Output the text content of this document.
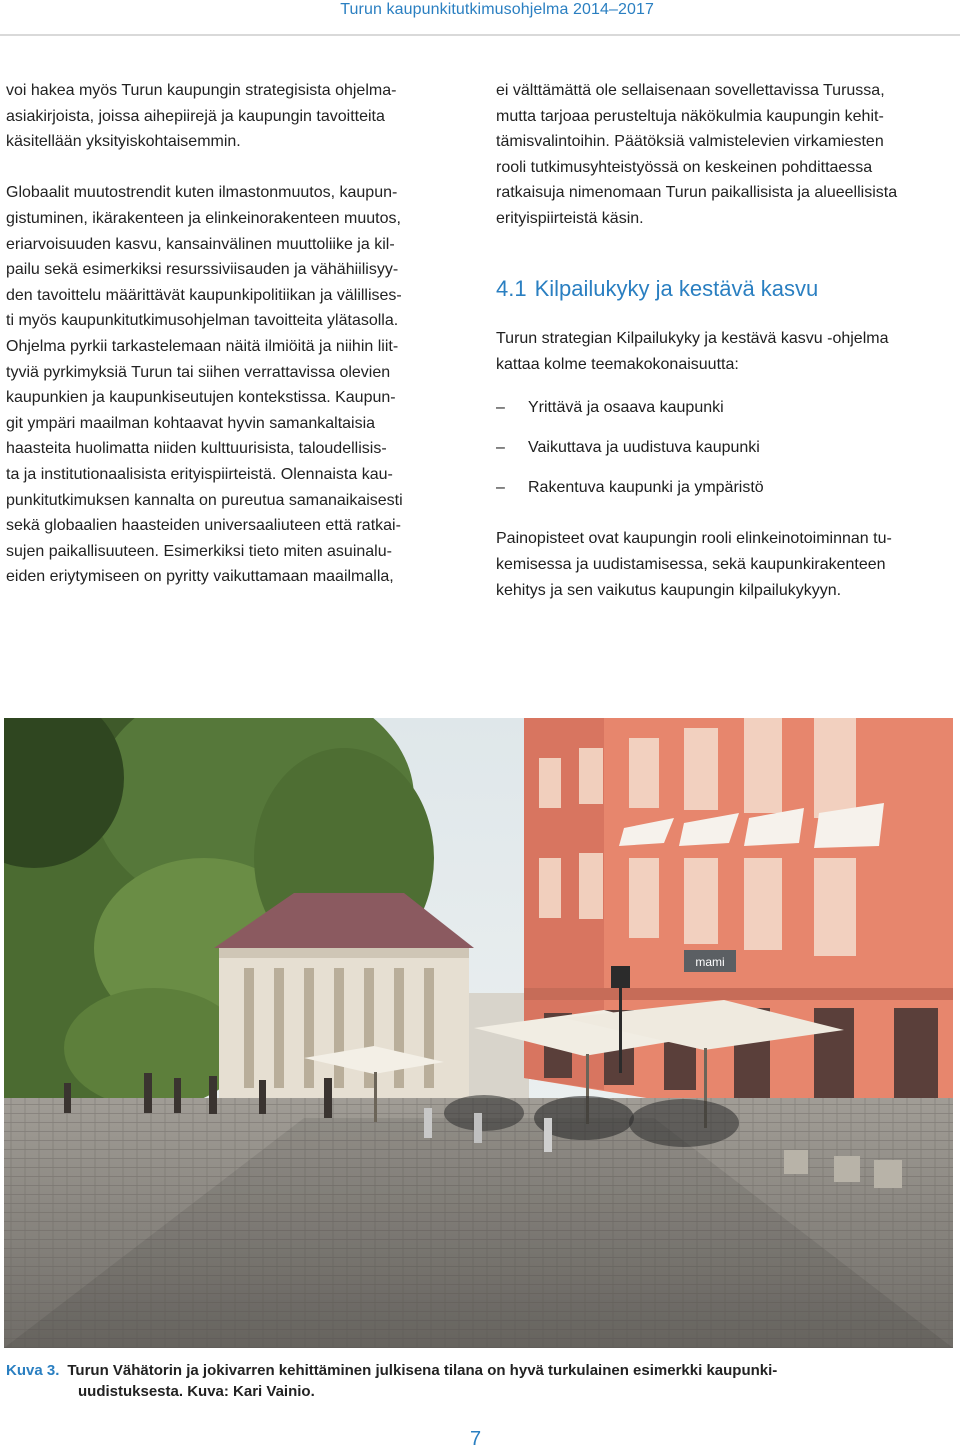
Turun kaupunkitutkimusohjelma 2014–2017
voi hakea myös Turun kaupungin strategisista ohjelma-
asiakirjoista, joissa aihepiirejä ja kaupungin tavoitteita
käsitellään yksityiskohtaisemmin.
Globaalit muutostrendit kuten ilmastonmuutos, kaupun-
gistuminen, ikärakenteen ja elinkeinorakenteen muutos,
eriarvoisuuden kasvu, kansainvälinen muuttoliike ja kil-
pailu sekä esimerkiksi resurssiviisauden ja vähähiilisyy-
den tavoittelu määrittävät kaupunkipolitiikan ja välillises-
ti myös kaupunkitutkimusohjelman tavoitteita ylätasolla.
Ohjelma pyrkii tarkastelemaan näitä ilmiöitä ja niihin liit-
tyviä pyrkimyksiä Turun tai siihen verrattavissa olevien
kaupunkien ja kaupunkiseutujen kontekstissa. Kaupun-
git ympäri maailman kohtaavat hyvin samankaltaisia
haasteita huolimatta niiden kulttuurisista, taloudellisis-
ta ja institutionaalisista erityispiirteistä. Olennaista kau-
punkitutkimuksen kannalta on pureutua samanaikaisesti
sekä globaalien haasteiden universaaliuteen että ratkai-
sujen paikallisuuteen. Esimerkiksi tieto miten asuinalu-
eiden eriytymiseen on pyritty vaikuttamaan maailmalla,
ei välttämättä ole sellaisenaan sovellettavissa Turussa,
mutta tarjoaa perusteltuja näkökulmia kaupungin kehit-
tämisvalintoihin. Päätöksiä valmistelevien virkamiesten
rooli tutkimusyhteistyössä on keskeinen pohdittaessa
ratkaisuja nimenomaan Turun paikallisista ja alueellisista
erityispiirteistä käsin.
4.1 Kilpailukyky ja kestävä kasvu
Turun strategian Kilpailukyky ja kestävä kasvu -ohjelma
kattaa kolme teemakokonaisuutta:
– Yrittävä ja osaava kaupunki
– Vaikuttava ja uudistuva kaupunki
– Rakentuva kaupunki ja ympäristö
Painopisteet ovat kaupungin rooli elinkeinotoiminnan tu-
kemisessa ja uudistamisessa, sekä kaupunkirakenteen
kehitys ja sen vaikutus kaupungin kilpailukykyyn.
mami
Kuva 3. Turun Vähätorin ja jokivarren kehittäminen julkisena tilana on hyvä turkulainen esimerkki kaupunki-
uudistuksesta. Kuva: Kari Vainio.
7
